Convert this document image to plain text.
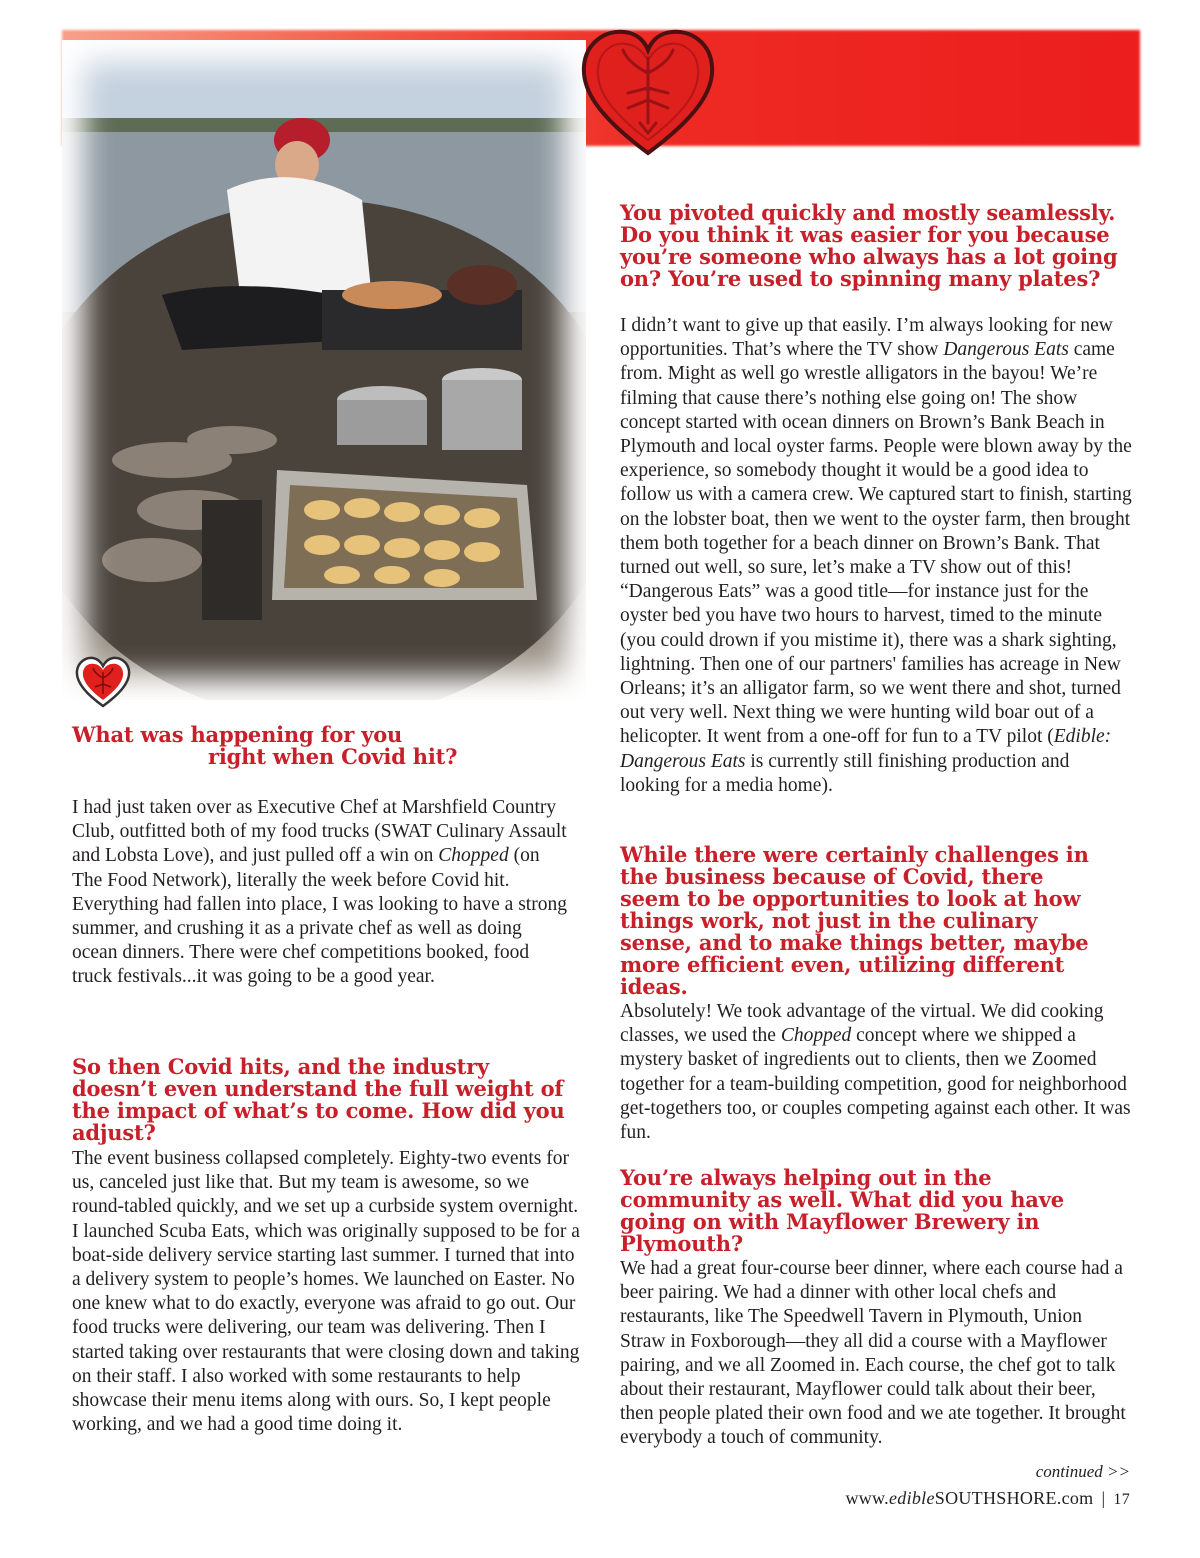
What was happening for you
right when Covid hit?

I had just taken over as Executive Chef at Marshfield Country Club, outfitted both of my food trucks (SWAT Culinary Assault and Lobsta Love), and just pulled off a win on Chopped (on The Food Network), literally the week before Covid hit. Everything had fallen into place, I was looking to have a strong summer, and crushing it as a private chef as well as doing ocean dinners. There were chef competitions booked, food truck festivals...it was going to be a good year.

So then Covid hits, and the industry doesn’t even understand the full weight of the impact of what’s to come. How did you adjust?

The event business collapsed completely. Eighty-two events for us, canceled just like that. But my team is awesome, so we round-tabled quickly, and we set up a curbside system overnight. I launched Scuba Eats, which was originally supposed to be for a boat-side delivery service starting last summer. I turned that into a delivery system to people’s homes. We launched on Easter. No one knew what to do exactly, everyone was afraid to go out. Our food trucks were delivering, our team was delivering. Then I started taking over restaurants that were closing down and taking on their staff. I also worked with some restaurants to help showcase their menu items along with ours. So, I kept people working, and we had a good time doing it.

You pivoted quickly and mostly seamlessly. Do you think it was easier for you because you’re someone who always has a lot going on? You’re used to spinning many plates?

I didn’t want to give up that easily. I’m always looking for new opportunities. That’s where the TV show Dangerous Eats came from. Might as well go wrestle alligators in the bayou! We’re filming that cause there’s nothing else going on! The show concept started with ocean dinners on Brown’s Bank Beach in Plymouth and local oyster farms. People were blown away by the experience, so somebody thought it would be a good idea to follow us with a camera crew. We captured start to finish, starting on the lobster boat, then we went to the oyster farm, then brought them both together for a beach dinner on Brown’s Bank. That turned out well, so sure, let’s make a TV show out of this! “Dangerous Eats” was a good title—for instance just for the oyster bed you have two hours to harvest, timed to the minute (you could drown if you mistime it), there was a shark sighting, lightning. Then one of our partners' families has acreage in New Orleans; it’s an alligator farm, so we went there and shot, turned out very well. Next thing we were hunting wild boar out of a helicopter. It went from a one-off for fun to a TV pilot (Edible: Dangerous Eats is currently still finishing production and looking for a media home).

While there were certainly challenges in the business because of Covid, there seem to be opportunities to look at how things work, not just in the culinary sense, and to make things better, maybe more efficient even, utilizing different ideas.

Absolutely! We took advantage of the virtual. We did cooking classes, we used the Chopped concept where we shipped a mystery basket of ingredients out to clients, then we Zoomed together for a team-building competition, good for neighborhood get-togethers too, or couples competing against each other. It was fun.

You’re always helping out in the community as well. What did you have going on with Mayflower Brewery in Plymouth?

We had a great four-course beer dinner, where each course had a beer pairing. We had a dinner with other local chefs and restaurants, like The Speedwell Tavern in Plymouth, Union Straw in Foxborough—they all did a course with a Mayflower pairing, and we all Zoomed in. Each course, the chef got to talk about their restaurant, Mayflower could talk about their beer, then people plated their own food and we ate together. It brought everybody a touch of community.

continued >>
www.edibleSOUTHSHORE.com | 17
